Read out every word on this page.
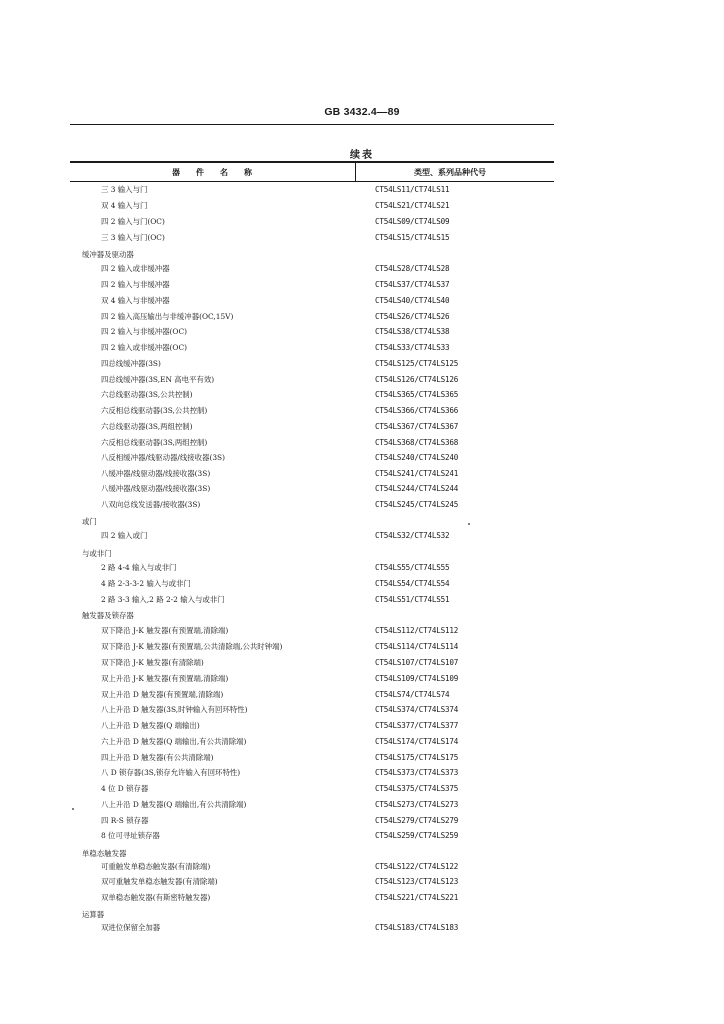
GB 3432.4—89
续表
器　　件　　名　　称	类型、系列品种代号
三 3 输入与门	CT54LS11/CT74LS11
双 4 输入与门	CT54LS21/CT74LS21
四 2 输入与门(OC)	CT54LS09/CT74LS09
三 3 输入与门(OC)	CT54LS15/CT74LS15
缓冲器及驱动器
四 2 输入或非缓冲器	CT54LS28/CT74LS28
四 2 输入与非缓冲器	CT54LS37/CT74LS37
双 4 输入与非缓冲器	CT54LS40/CT74LS40
四 2 输入高压输出与非缓冲器(OC,15V)	CT54LS26/CT74LS26
四 2 输入与非缓冲器(OC)	CT54LS38/CT74LS38
四 2 输入或非缓冲器(OC)	CT54LS33/CT74LS33
四总线缓冲器(3S)	CT54LS125/CT74LS125
四总线缓冲器(3S,EN 高电平有效)	CT54LS126/CT74LS126
六总线驱动器(3S,公共控制)	CT54LS365/CT74LS365
六反相总线驱动器(3S,公共控制)	CT54LS366/CT74LS366
六总线驱动器(3S,两组控制)	CT54LS367/CT74LS367
六反相总线驱动器(3S,两组控制)	CT54LS368/CT74LS368
八反相缓冲器/线驱动器/线接收器(3S)	CT54LS240/CT74LS240
八缓冲器/线驱动器/线接收器(3S)	CT54LS241/CT74LS241
八缓冲器/线驱动器/线接收器(3S)	CT54LS244/CT74LS244
八双向总线发送器/接收器(3S)	CT54LS245/CT74LS245
或门
四 2 输入或门	CT54LS32/CT74LS32
与或非门
2 路 4-4 输入与或非门	CT54LS55/CT74LS55
4 路 2-3-3-2 输入与或非门	CT54LS54/CT74LS54
2 路 3-3 输入,2 路 2-2 输入与或非门	CT54LS51/CT74LS51
触发器及锁存器
双下降沿 J-K 触发器(有预置端,清除端)	CT54LS112/CT74LS112
双下降沿 J-K 触发器(有预置端,公共清除端,公共时钟端)	CT54LS114/CT74LS114
双下降沿 J-K 触发器(有清除端)	CT54LS107/CT74LS107
双上升沿 J-K 触发器(有预置端,清除端)	CT54LS109/CT74LS109
双上升沿 D 触发器(有预置端,清除端)	CT54LS74/CT74LS74
八上升沿 D 触发器(3S,时钟输入有回环特性)	CT54LS374/CT74LS374
八上升沿 D 触发器(Q 端输出)	CT54LS377/CT74LS377
六上升沿 D 触发器(Q 端输出,有公共清除端)	CT54LS174/CT74LS174
四上升沿 D 触发器(有公共清除端)	CT54LS175/CT74LS175
八 D 锁存器(3S,锁存允许输入有回环特性)	CT54LS373/CT74LS373
4 位 D 锁存器	CT54LS375/CT74LS375
八上升沿 D 触发器(Q 端输出,有公共清除端)	CT54LS273/CT74LS273
四 R-S 锁存器	CT54LS279/CT74LS279
8 位可寻址锁存器	CT54LS259/CT74LS259
单稳态触发器
可重触发单稳态触发器(有清除端)	CT54LS122/CT74LS122
双可重触发单稳态触发器(有清除端)	CT54LS123/CT74LS123
双单稳态触发器(有斯密特触发器)	CT54LS221/CT74LS221
运算器
双进位保留全加器	CT54LS183/CT74LS183
